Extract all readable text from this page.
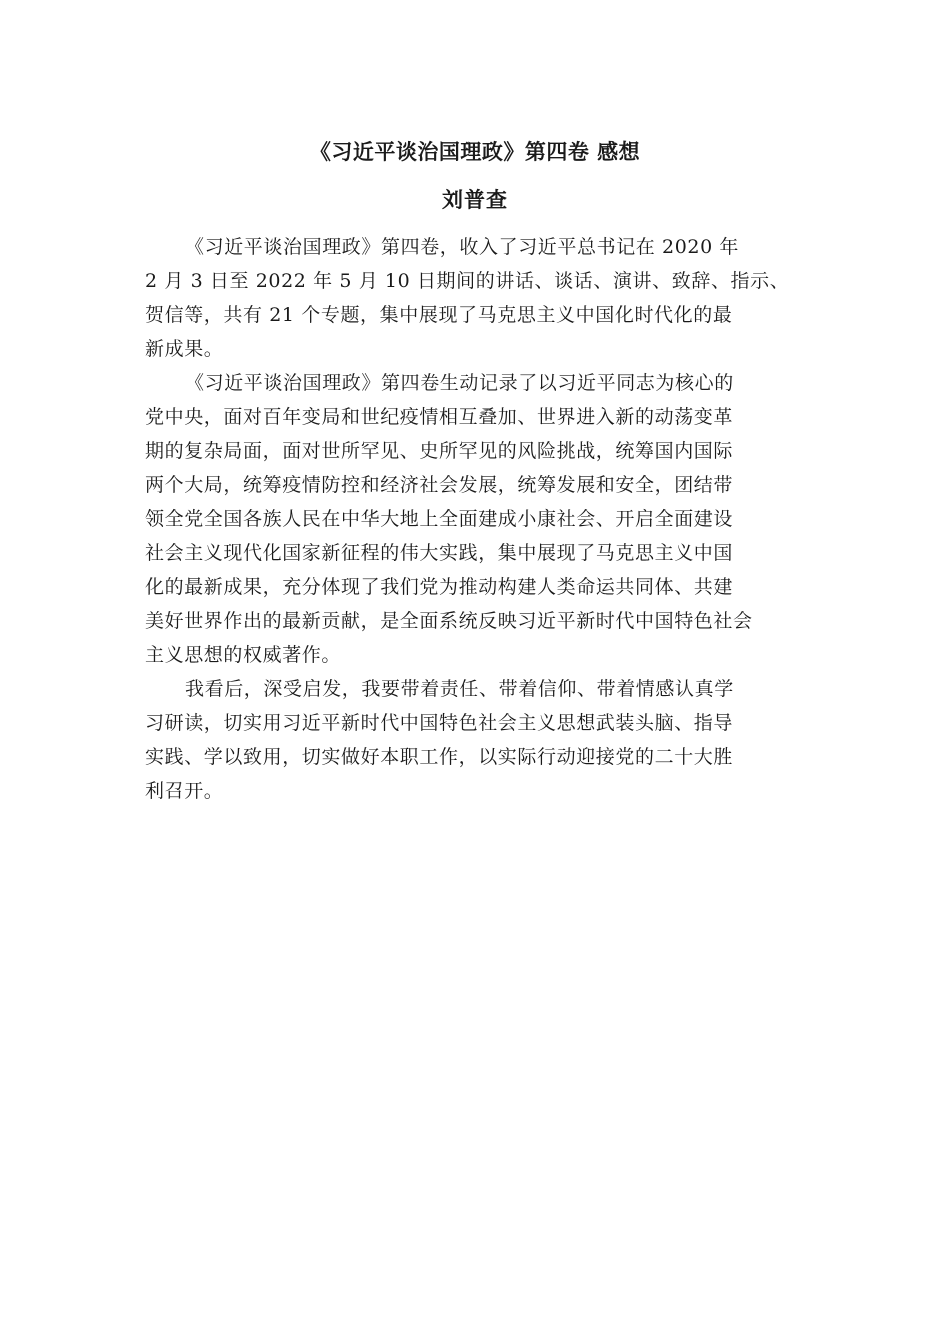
《习近平谈治国理政》第四卷 感想
刘普查
《习近平谈治国理政》第四卷，收入了习近平总书记在 2020 年
2 月 3 日至 2022 年 5 月 10 日期间的讲话、谈话、演讲、致辞、指示、
贺信等，共有 21 个专题，集中展现了马克思主义中国化时代化的最
新成果。
《习近平谈治国理政》第四卷生动记录了以习近平同志为核心的
党中央，面对百年变局和世纪疫情相互叠加、世界进入新的动荡变革
期的复杂局面，面对世所罕见、史所罕见的风险挑战，统筹国内国际
两个大局，统筹疫情防控和经济社会发展，统筹发展和安全，团结带
领全党全国各族人民在中华大地上全面建成小康社会、开启全面建设
社会主义现代化国家新征程的伟大实践，集中展现了马克思主义中国
化的最新成果，充分体现了我们党为推动构建人类命运共同体、共建
美好世界作出的最新贡献，是全面系统反映习近平新时代中国特色社会
主义思想的权威著作。
我看后，深受启发，我要带着责任、带着信仰、带着情感认真学
习研读，切实用习近平新时代中国特色社会主义思想武装头脑、指导
实践、学以致用，切实做好本职工作，以实际行动迎接党的二十大胜
利召开。
